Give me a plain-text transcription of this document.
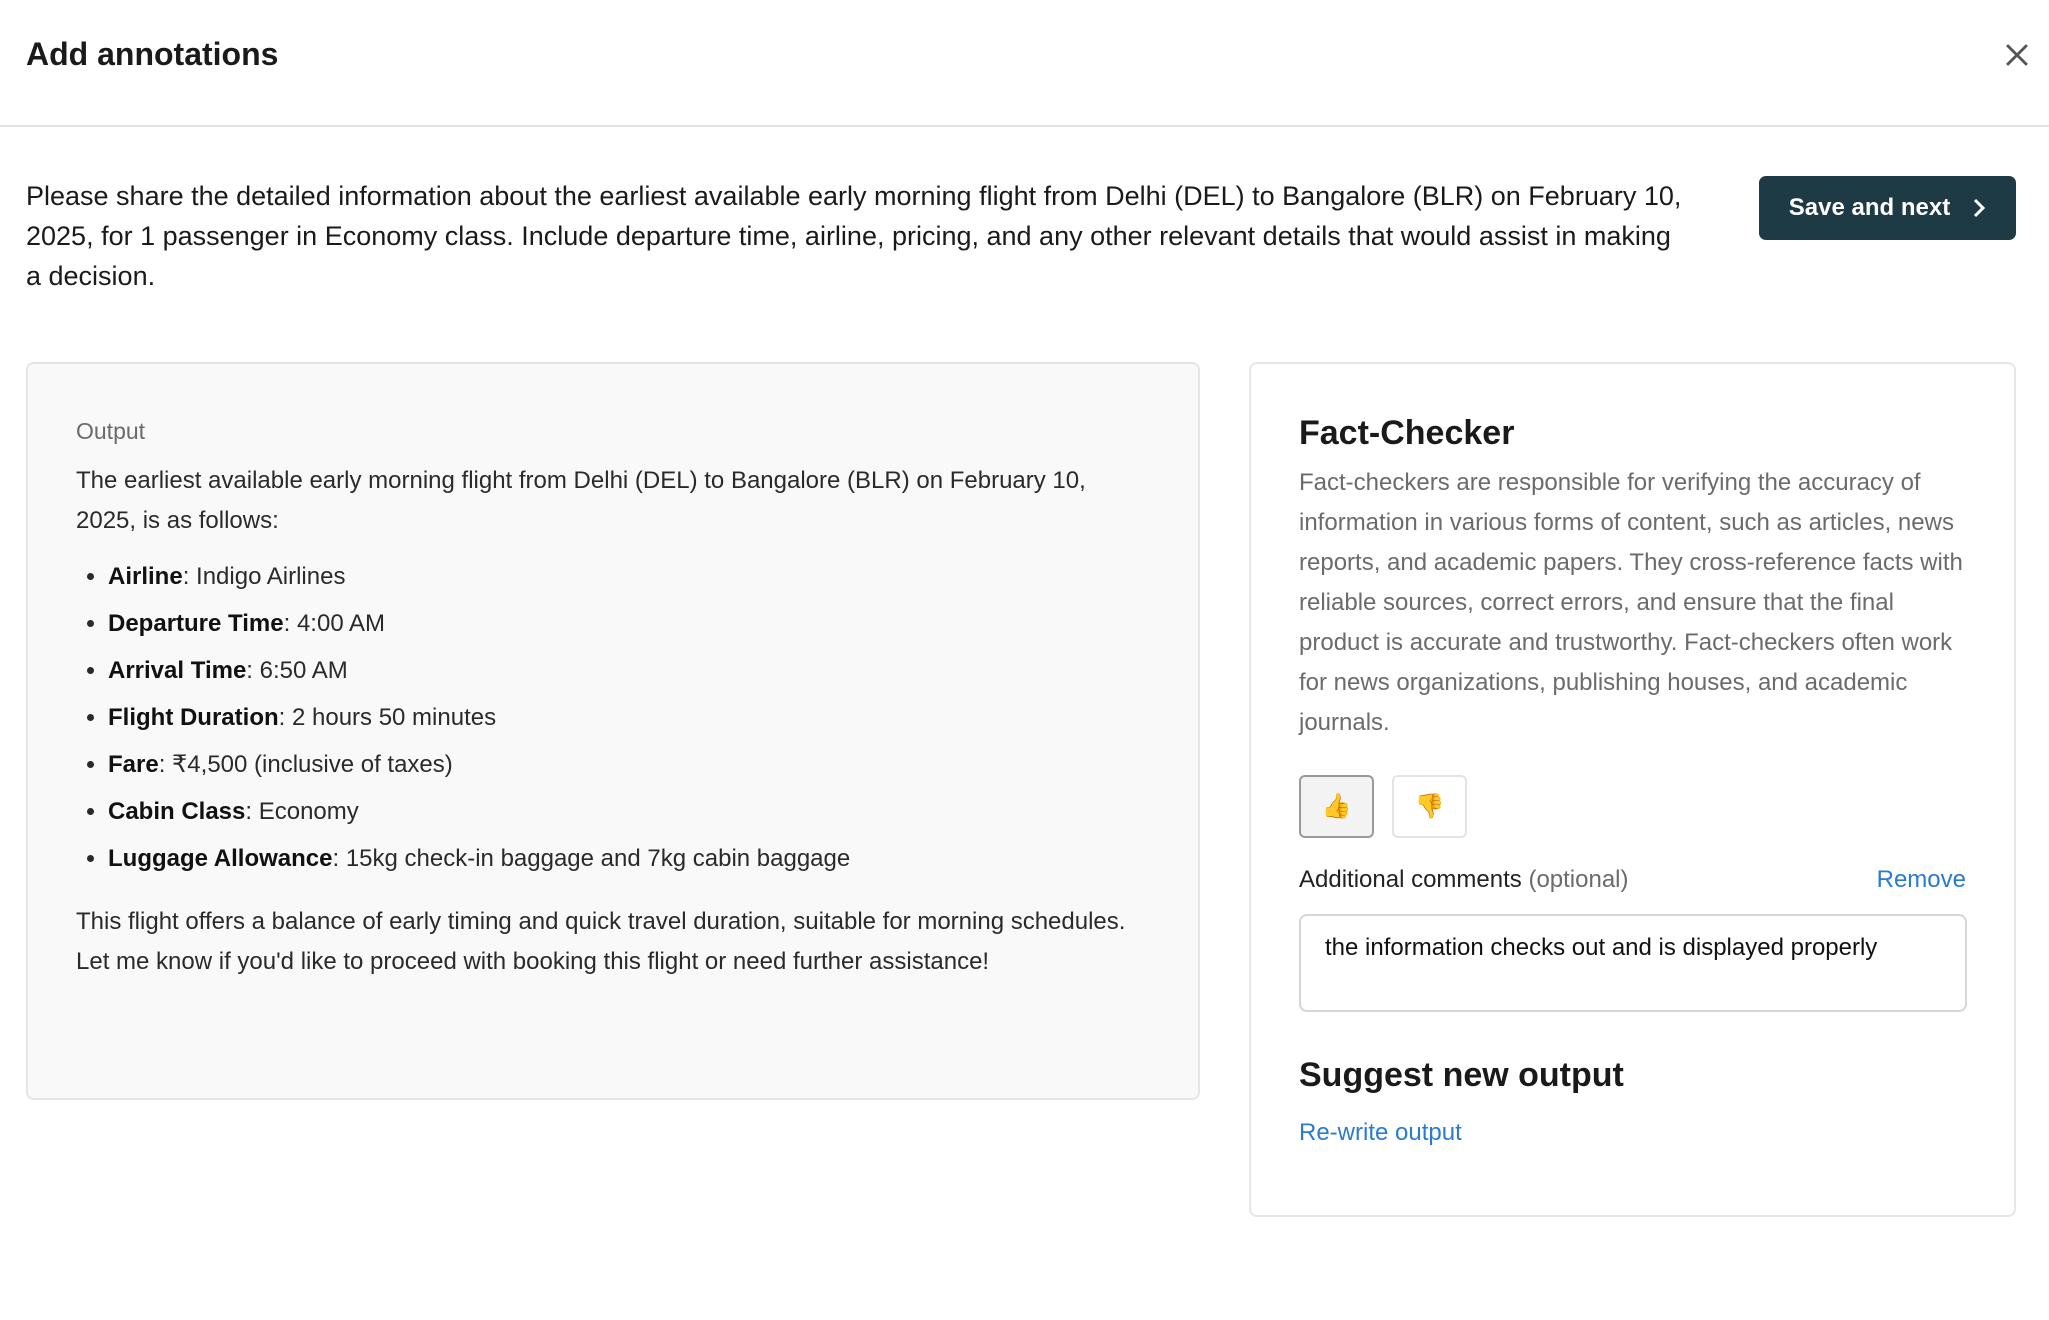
Add annotations
Please share the detailed information about the earliest available early morning flight from Delhi (DEL) to Bangalore (BLR) on February 10, 2025, for 1 passenger in Economy class. Include departure time, airline, pricing, and any other relevant details that would assist in making a decision.
Save and next
Output
The earliest available early morning flight from Delhi (DEL) to Bangalore (BLR) on February 10, 2025, is as follows:
• Airline: Indigo Airlines
• Departure Time: 4:00 AM
• Arrival Time: 6:50 AM
• Flight Duration: 2 hours 50 minutes
• Fare: ₹4,500 (inclusive of taxes)
• Cabin Class: Economy
• Luggage Allowance: 15kg check-in baggage and 7kg cabin baggage
This flight offers a balance of early timing and quick travel duration, suitable for morning schedules. Let me know if you'd like to proceed with booking this flight or need further assistance!
Fact-Checker
Fact-checkers are responsible for verifying the accuracy of information in various forms of content, such as articles, news reports, and academic papers. They cross-reference facts with reliable sources, correct errors, and ensure that the final product is accurate and trustworthy. Fact-checkers often work for news organizations, publishing houses, and academic journals.
👍	👎
Additional comments (optional)	Remove
the information checks out and is displayed properly
Suggest new output
Re-write output
